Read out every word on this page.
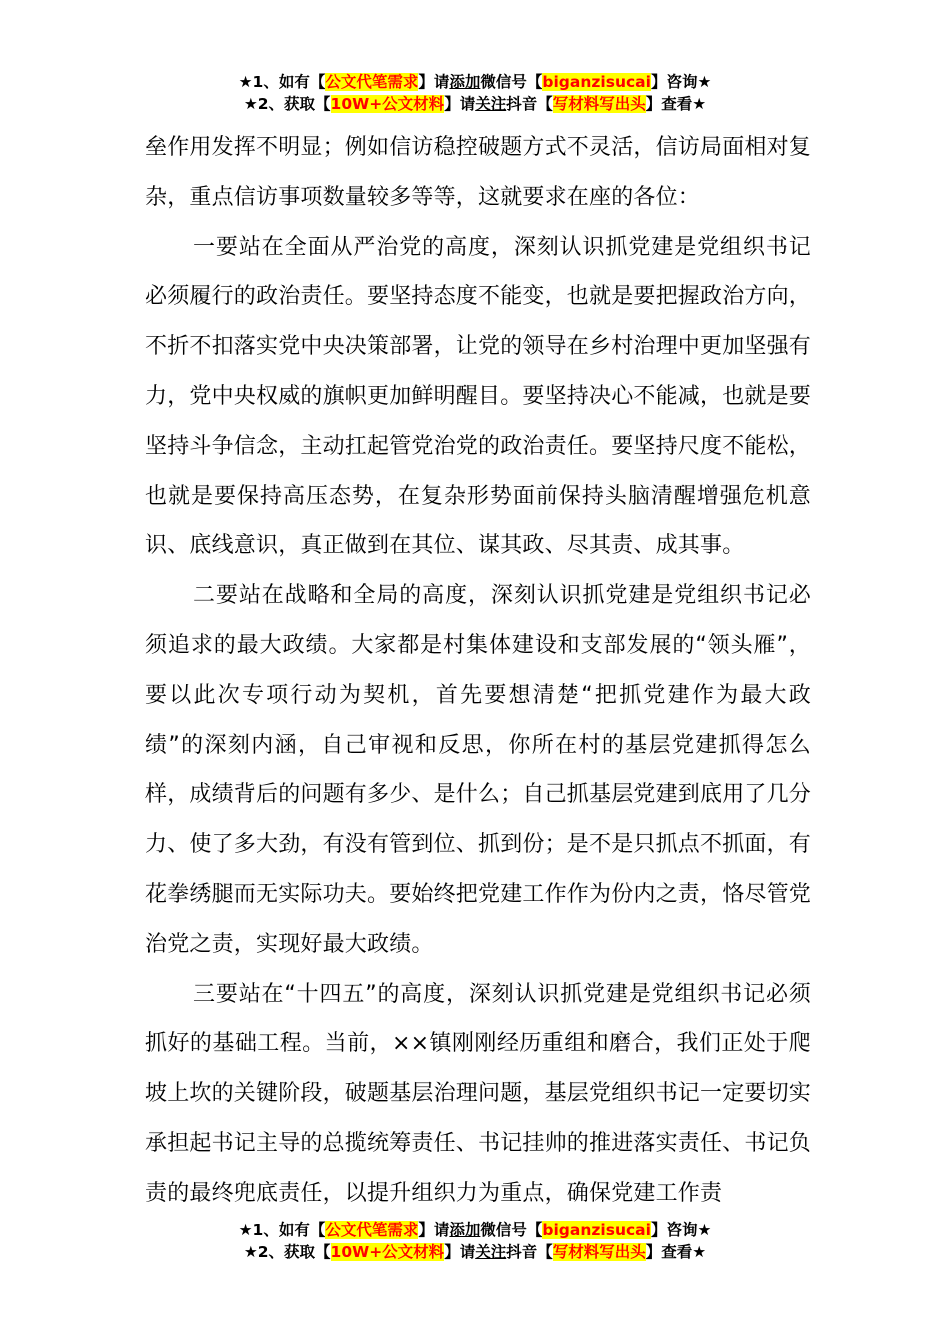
★1、如有【公文代笔需求】请添加微信号【biganzisucai】咨询★
★2、获取【10W+公文材料】请关注抖音【写材料写出头】查看★

垒作用发挥不明显；例如信访稳控破题方式不灵活，信访局面相对复杂，重点信访事项数量较多等等，这就要求在座的各位：

一要站在全面从严治党的高度，深刻认识抓党建是党组织书记必须履行的政治责任。要坚持态度不能变，也就是要把握政治方向，不折不扣落实党中央决策部署，让党的领导在乡村治理中更加坚强有力，党中央权威的旗帜更加鲜明醒目。要坚持决心不能减，也就是要坚持斗争信念，主动扛起管党治党的政治责任。要坚持尺度不能松，也就是要保持高压态势，在复杂形势面前保持头脑清醒增强危机意识、底线意识，真正做到在其位、谋其政、尽其责、成其事。

二要站在战略和全局的高度，深刻认识抓党建是党组织书记必须追求的最大政绩。大家都是村集体建设和支部发展的“领头雁”，要以此次专项行动为契机，首先要想清楚“把抓党建作为最大政绩”的深刻内涵，自己审视和反思，你所在村的基层党建抓得怎么样，成绩背后的问题有多少、是什么；自己抓基层党建到底用了几分力、使了多大劲，有没有管到位、抓到份；是不是只抓点不抓面，有花拳绣腿而无实际功夫。要始终把党建工作作为份内之责，恪尽管党治党之责，实现好最大政绩。

三要站在“十四五”的高度，深刻认识抓党建是党组织书记必须抓好的基础工程。当前，××镇刚刚经历重组和磨合，我们正处于爬坡上坎的关键阶段，破题基层治理问题，基层党组织书记一定要切实承担起书记主导的总揽统筹责任、书记挂帅的推进落实责任、书记负责的最终兜底责任，以提升组织力为重点，确保党建工作责

★1、如有【公文代笔需求】请添加微信号【biganzisucai】咨询★
★2、获取【10W+公文材料】请关注抖音【写材料写出头】查看★
